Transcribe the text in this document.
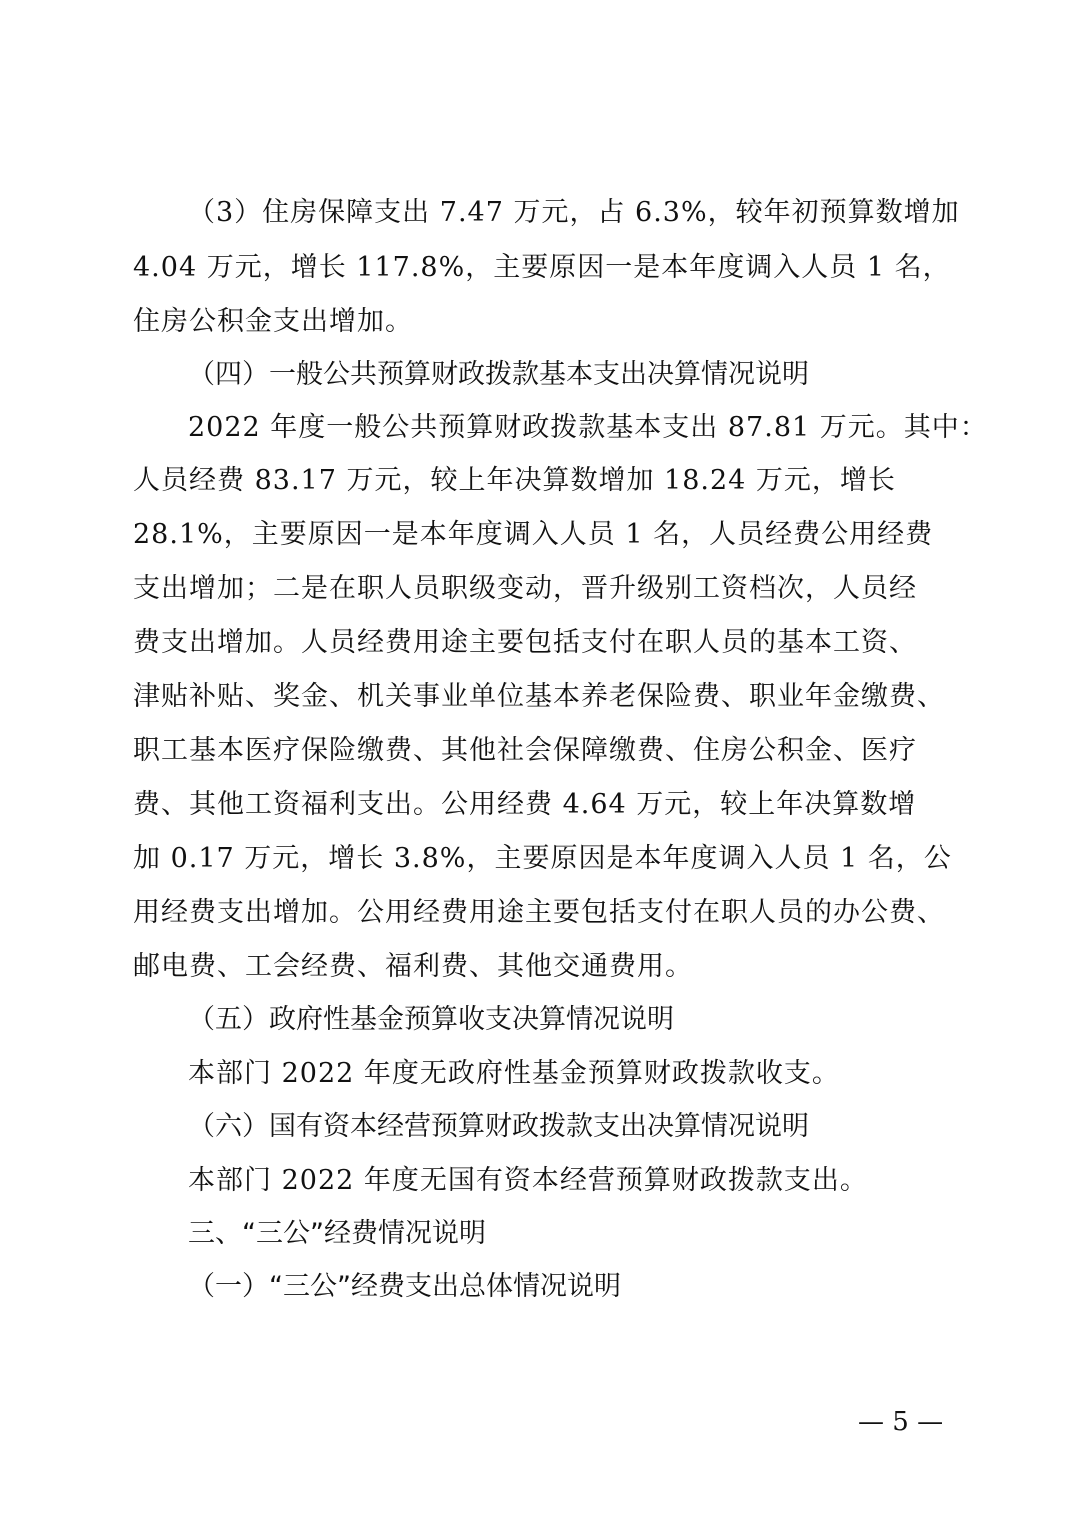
（3）住房保障支出 7.47 万元，占 6.3%，较年初预算数增加
4.04 万元，增长 117.8%，主要原因一是本年度调入人员 1 名，
住房公积金支出增加。
（四）一般公共预算财政拨款基本支出决算情况说明
2022 年度一般公共预算财政拨款基本支出 87.81 万元。其中：
人员经费 83.17 万元，较上年决算数增加 18.24 万元，增长
28.1%，主要原因一是本年度调入人员 1 名，人员经费公用经费
支出增加；二是在职人员职级变动，晋升级别工资档次，人员经
费支出增加。人员经费用途主要包括支付在职人员的基本工资、
津贴补贴、奖金、机关事业单位基本养老保险费、职业年金缴费、
职工基本医疗保险缴费、其他社会保障缴费、住房公积金、医疗
费、其他工资福利支出。公用经费 4.64 万元，较上年决算数增
加 0.17 万元，增长 3.8%，主要原因是本年度调入人员 1 名，公
用经费支出增加。公用经费用途主要包括支付在职人员的办公费、
邮电费、工会经费、福利费、其他交通费用。
（五）政府性基金预算收支决算情况说明
本部门 2022 年度无政府性基金预算财政拨款收支。
（六）国有资本经营预算财政拨款支出决算情况说明
本部门 2022 年度无国有资本经营预算财政拨款支出。
三、“三公”经费情况说明
（一）“三公”经费支出总体情况说明
— 5 —
